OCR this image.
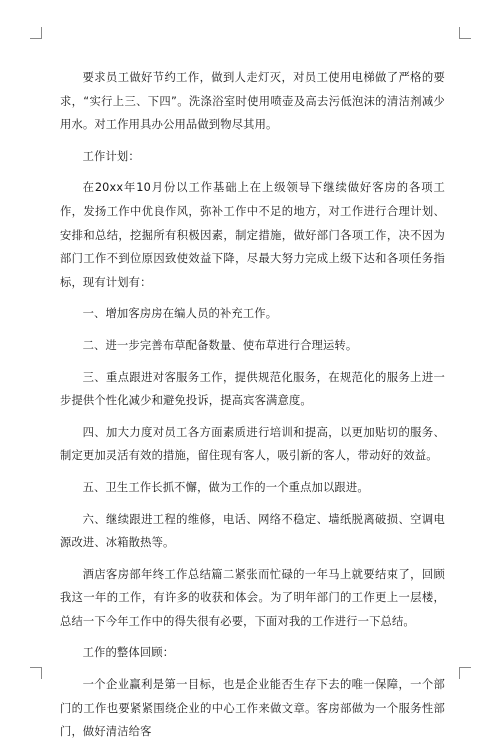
要求员工做好节约工作，做到人走灯灭，对员工使用电梯做了严格的要求，“实行上三、下四”。洗涤浴室时使用喷壶及高去污低泡沫的清洁剂减少用水。对工作用具办公用品做到物尽其用。

工作计划：

在20xx年10月份以工作基础上在上级领导下继续做好客房的各项工作，发扬工作中优良作风，弥补工作中不足的地方，对工作进行合理计划、安排和总结，挖掘所有积极因素，制定措施，做好部门各项工作，决不因为部门工作不到位原因致使效益下降，尽最大努力完成上级下达和各项任务指标，现有计划有：

一、增加客房房在编人员的补充工作。

二、进一步完善布草配备数量、使布草进行合理运转。

三、重点跟进对客服务工作，提供规范化服务，在规范化的服务上进一步提供个性化减少和避免投诉，提高宾客满意度。

四、加大力度对员工各方面素质进行培训和提高，以更加贴切的服务、制定更加灵活有效的措施，留住现有客人，吸引新的客人，带动好的效益。

五、卫生工作长抓不懈，做为工作的一个重点加以跟进。

六、继续跟进工程的维修，电话、网络不稳定、墙纸脱离破损、空调电源改进、冰箱散热等。

酒店客房部年终工作总结篇二紧张而忙碌的一年马上就要结束了，回顾我这一年的工作，有许多的收获和体会。为了明年部门的工作更上一层楼，总结一下今年工作中的得失很有必要，下面对我的工作进行一下总结。

工作的整体回顾：

一个企业赢利是第一目标，也是企业能否生存下去的唯一保障，一个部门的工作也要紧紧围绕企业的中心工作来做文章。客房部做为一个服务性部门，做好清洁给客
